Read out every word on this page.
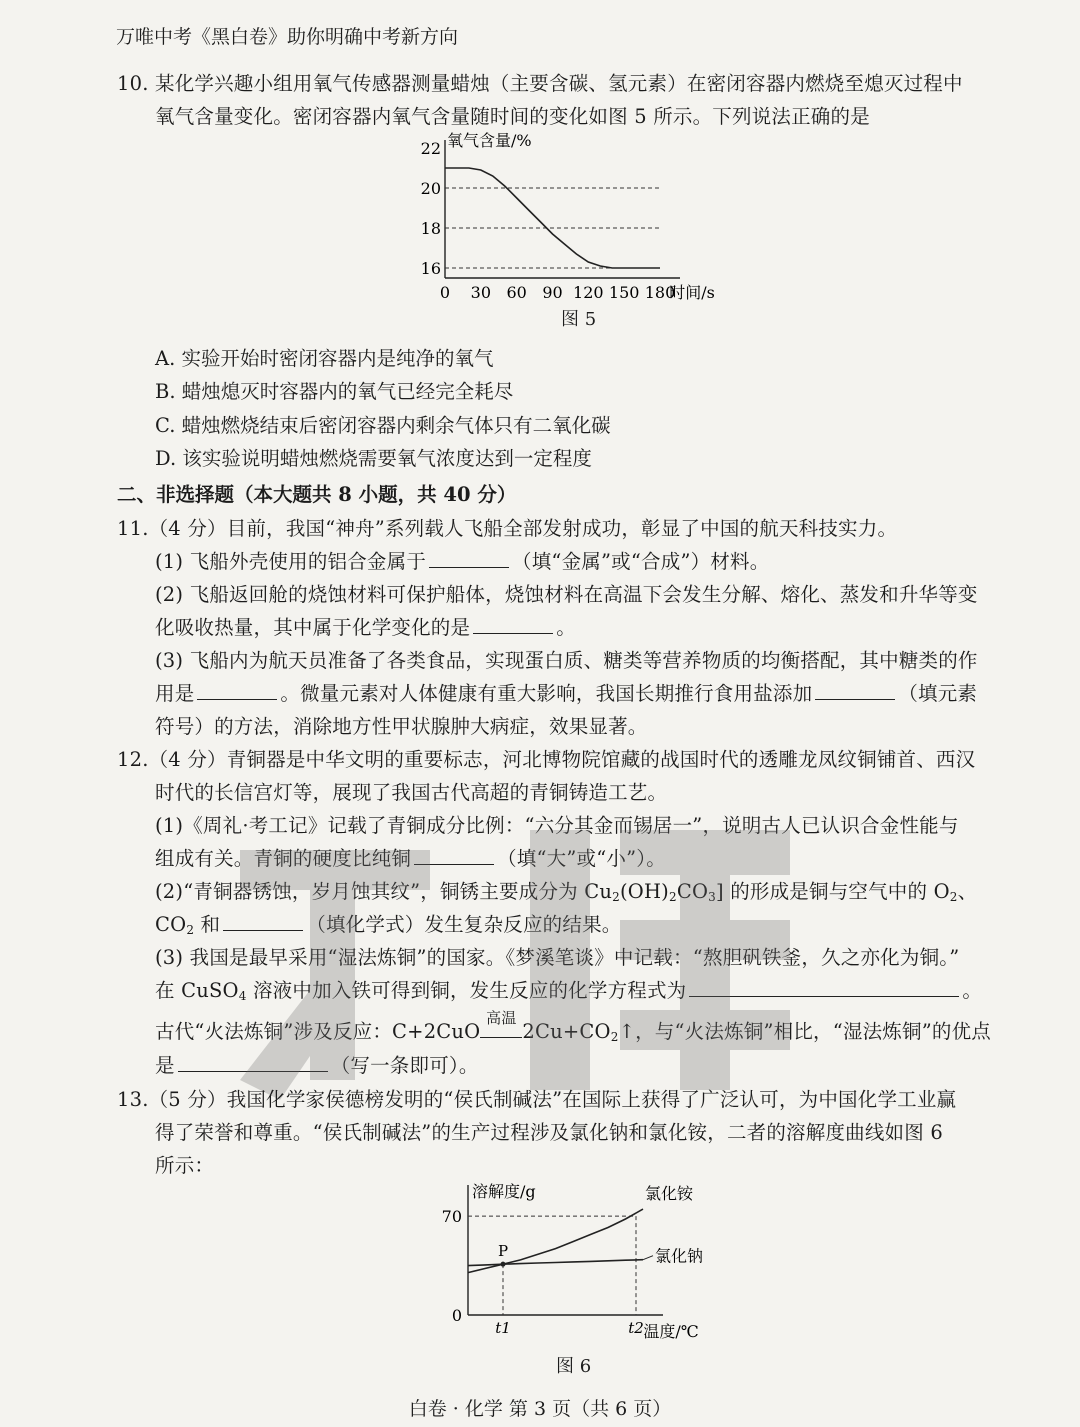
万唯中考《黑白卷》助你明确中考新方向
10. 某化学兴趣小组用氧气传感器测量蜡烛（主要含碳、氢元素）在密闭容器内燃烧至熄灭过程中
氧气含量变化。密闭容器内氧气含量随时间的变化如图 5 所示。下列说法正确的是
16
18
20
22
0 30 60 90 120 150 180
时间/s
氧气含量/%
图 5
A. 实验开始时密闭容器内是纯净的氧气
B. 蜡烛熄灭时容器内的氧气已经完全耗尽
C. 蜡烛燃烧结束后密闭容器内剩余气体只有二氧化碳
D. 该实验说明蜡烛燃烧需要氧气浓度达到一定程度
二、非选择题（本大题共 8 小题，共 40 分）
11.（4 分）目前，我国“神舟”系列载人飞船全部发射成功，彰显了中国的航天科技实力。
(1) 飞船外壳使用的铝合金属于	（填“金属”或“合成”）材料。
(2) 飞船返回舱的烧蚀材料可保护船体，烧蚀材料在高温下会发生分解、熔化、蒸发和升华等变
化吸收热量，其中属于化学变化的是	。
(3) 飞船内为航天员准备了各类食品，实现蛋白质、糖类等营养物质的均衡搭配，其中糖类的作
用是	。微量元素对人体健康有重大影响，我国长期推行食用盐添加	（填元素
符号）的方法，消除地方性甲状腺肿大病症，效果显著。
12.（4 分）青铜器是中华文明的重要标志，河北博物院馆藏的战国时代的透雕龙凤纹铜铺首、西汉
时代的长信宫灯等，展现了我国古代高超的青铜铸造工艺。
(1)《周礼·考工记》记载了青铜成分比例：“六分其金而锡居一”，说明古人已认识合金性能与
组成有关。青铜的硬度比纯铜	（填“大”或“小”）。
(2)“青铜器锈蚀，岁月蚀其纹”，铜锈主要成分为 $Cu_2(OH)_2CO_3$] 的形成是铜与空气中的 $O_2$、
$CO_2$ 和	（填化学式）发生复杂反应的结果。
(3) 我国是最早采用“湿法炼铜”的国家。《梦溪笔谈》中记载：“熬胆矾铁釜，久之亦化为铜。”
在 CuSO$_4$ 溶液中加入铁可得到铜，发生反应的化学方程式为	。
古代“火法炼铜”涉及反应：C+2CuO
高温
$2Cu+CO_2↑$，与“火法炼铜”相比，“湿法炼铜”的优点
是	（写一条即可）。
13.（5 分）我国化学家侯德榜发明的“侯氏制碱法”在国际上获得了广泛认可，为中国化学工业赢
得了荣誉和尊重。“侯氏制碱法”的生产过程涉及氯化钠和氯化铵，二者的溶解度曲线如图 6
所示：
溶解度/g
温度/℃
0
70
t1	t2
氯化铵
氯化钠
P
图 6
白卷 · 化学 第 3 页（共 6 页）
